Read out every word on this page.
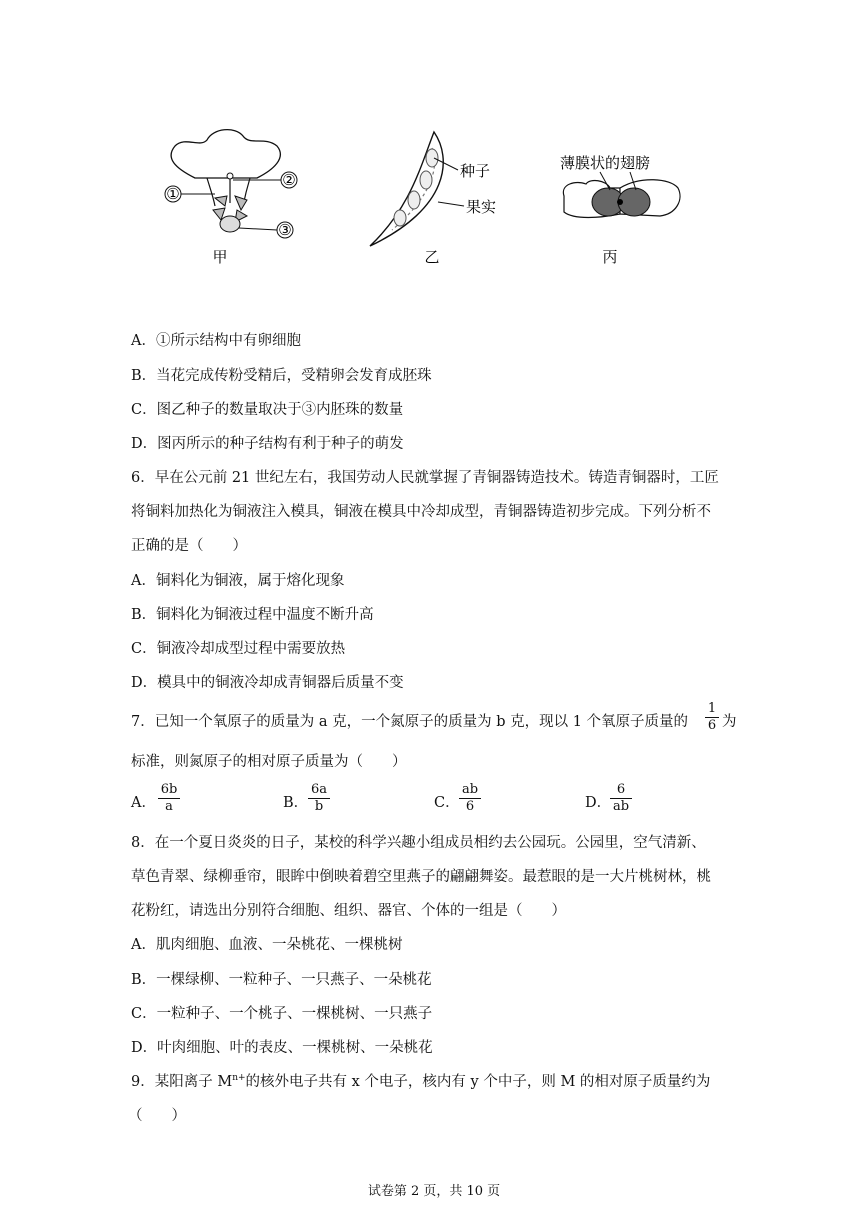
①
②
③
甲
种子
果实
乙
薄膜状的翅膀
丙
A．①所示结构中有卵细胞
B．当花完成传粉受精后，受精卵会发育成胚珠
C．图乙种子的数量取决于③内胚珠的数量
D．图丙所示的种子结构有利于种子的萌发
6．早在公元前 21 世纪左右，我国劳动人民就掌握了青铜器铸造技术。铸造青铜器时，工匠
将铜料加热化为铜液注入模具，铜液在模具中冷却成型，青铜器铸造初步完成。下列分析不
正确的是（　　）
A．铜料化为铜液，属于熔化现象
B．铜料化为铜液过程中温度不断升高
C．铜液冷却成型过程中需要放热
D．模具中的铜液冷却成青铜器后质量不变
7．已知一个氧原子的质量为 a 克，一个氮原子的质量为 b 克，现以 1 个氧原子质量的 $\frac{1}{6}$ 为
标准，则氮原子的相对原子质量为（　　）
A． $\frac{6b}{a}$	B． $\frac{6a}{b}$	C． $\frac{ab}{6}$	D．
$\frac{6}{ab}$
8．在一个夏日炎炎的日子，某校的科学兴趣小组成员相约去公园玩。公园里，空气清新、
草色青翠、绿柳垂帘，眼眸中倒映着碧空里燕子的翩翩舞姿。最惹眼的是一大片桃树林，桃
花粉红，请选出分别符合细胞、组织、器官、个体的一组是（　　）
A．肌肉细胞、血液、一朵桃花、一棵桃树
B．一棵绿柳、一粒种子、一只燕子、一朵桃花
C．一粒种子、一个桃子、一棵桃树、一只燕子
D．叶肉细胞、叶的表皮、一棵桃树、一朵桃花
9．某阳离子 $M^{n+}$的核外电子共有 x 个电子，核内有 y 个中子，则 M 的相对原子质量约为
（　　）
试卷第 2 页，共 10 页
